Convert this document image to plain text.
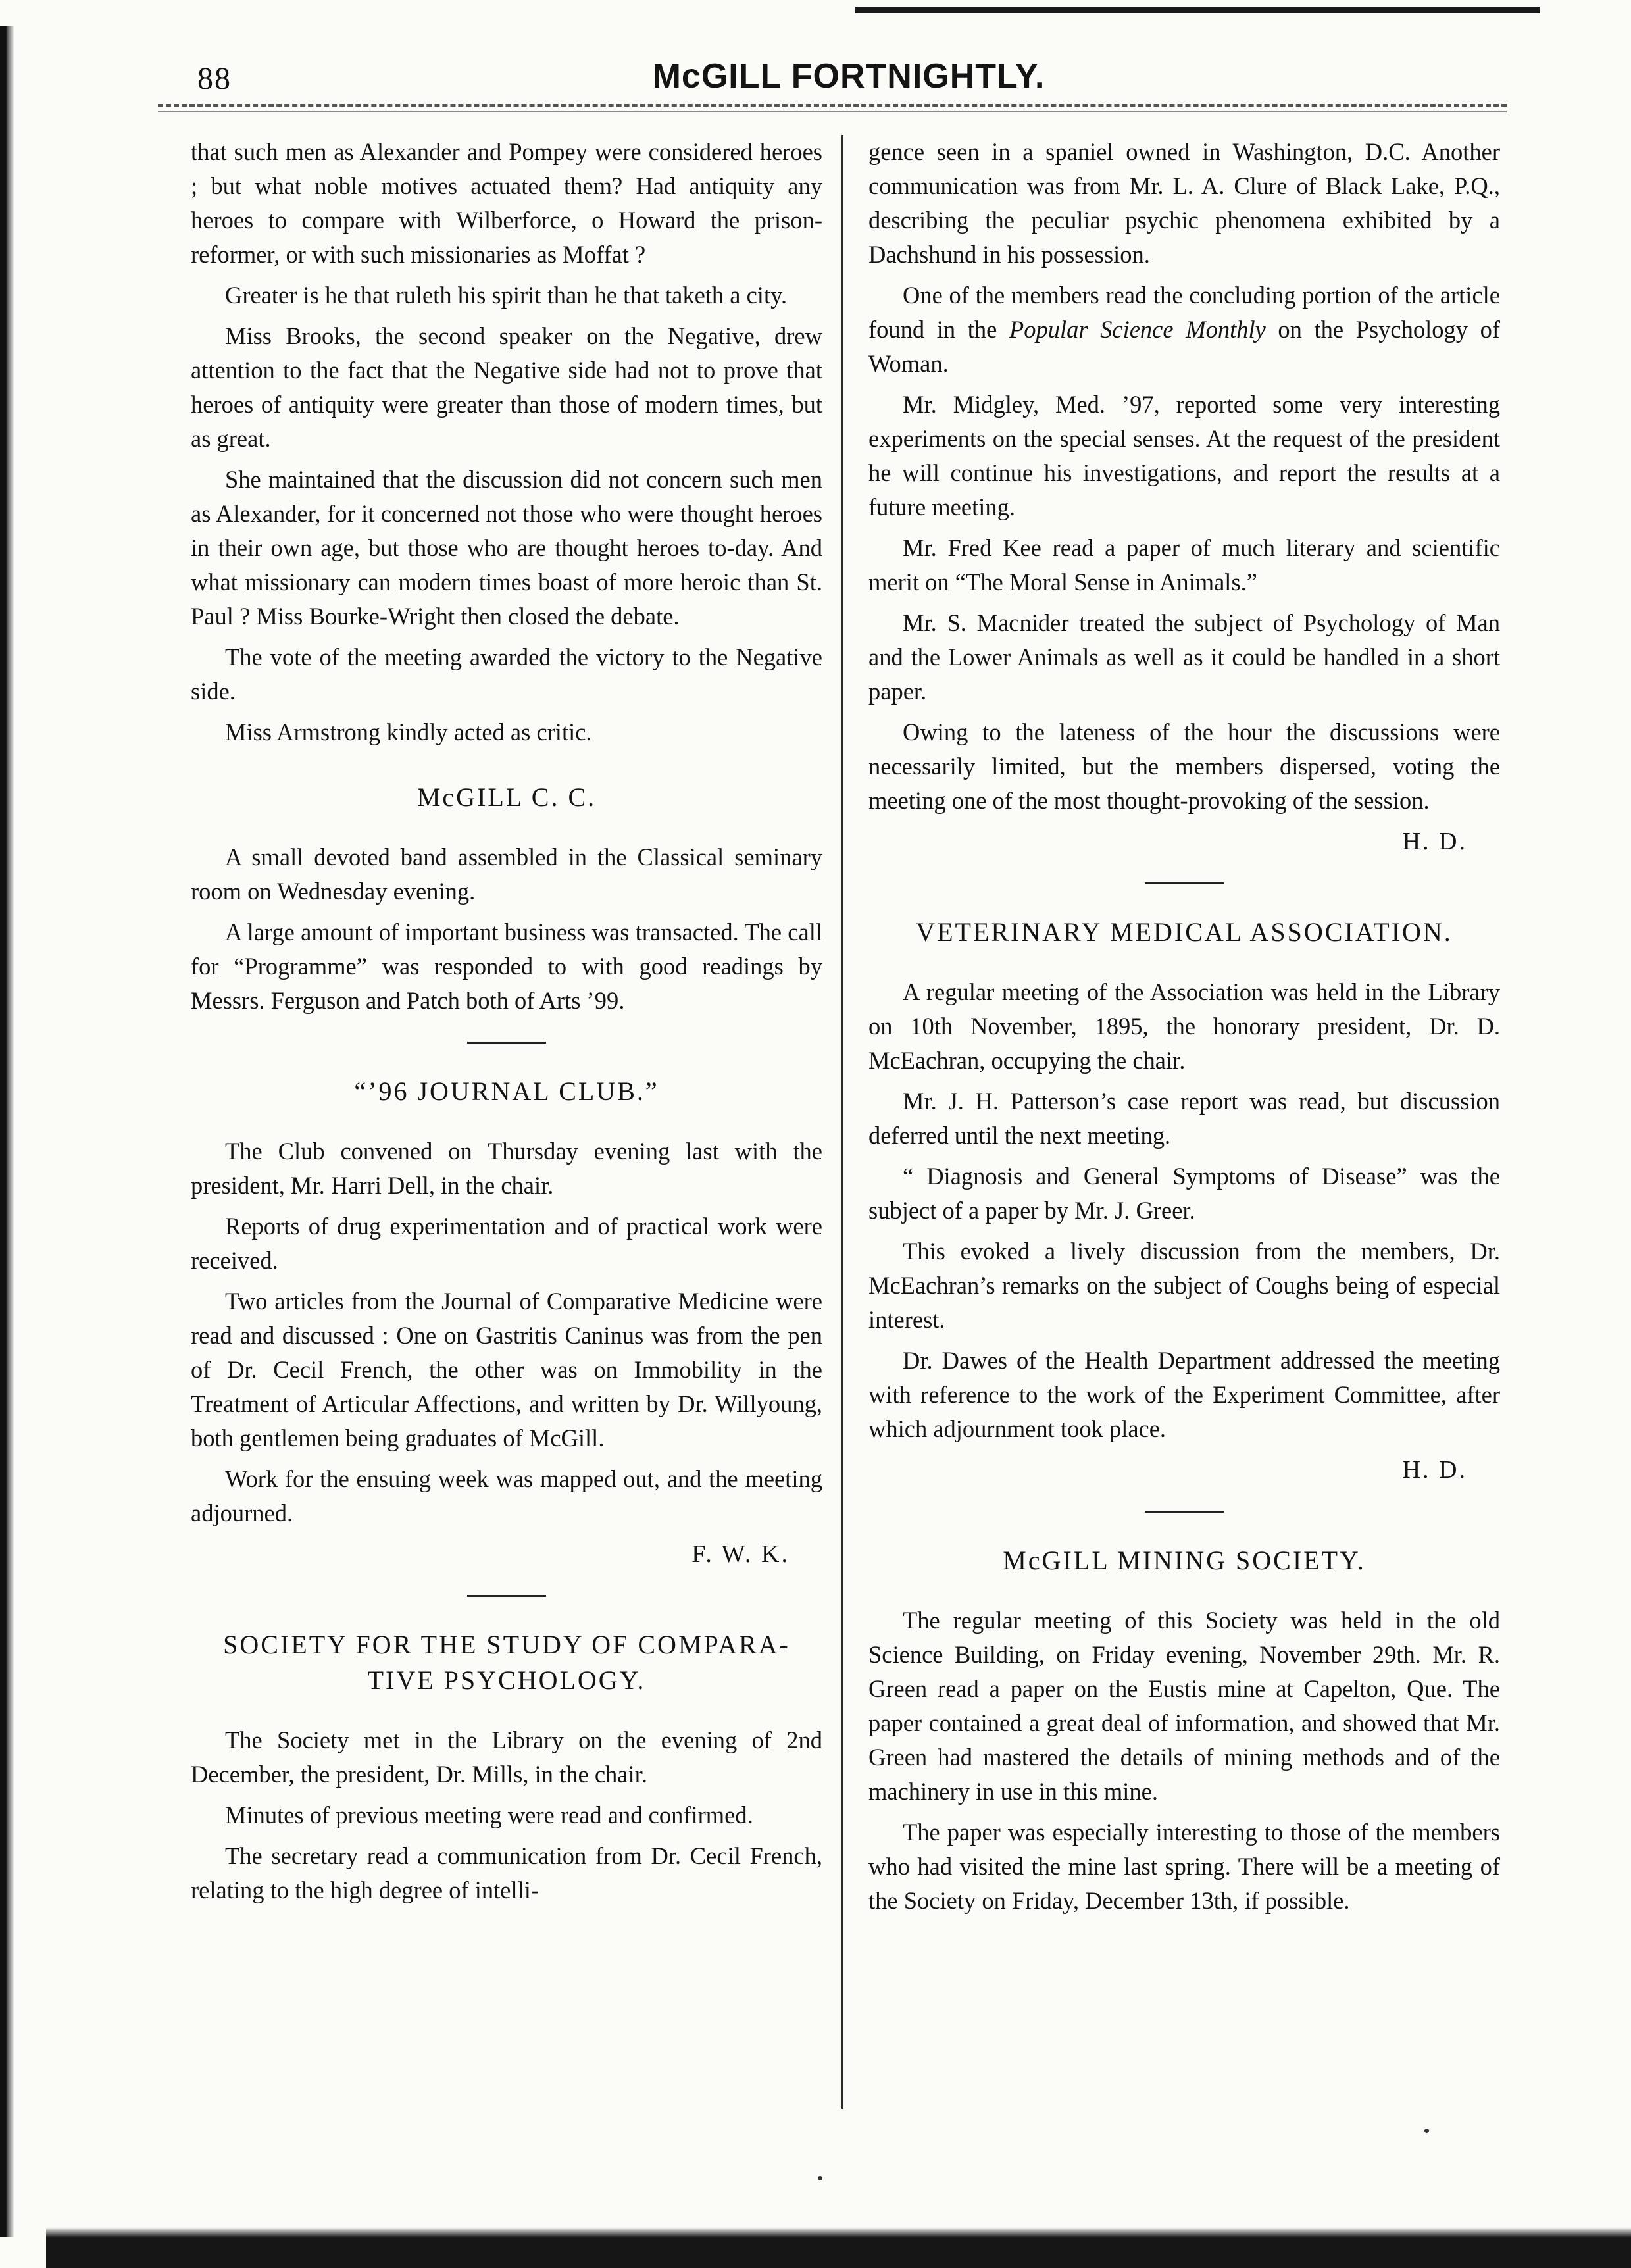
88	McGILL FORTNIGHTLY.

that such men as Alexander and Pompey were considered heroes ; but what noble motives actuated them? Had antiquity any heroes to compare with Wilberforce, o Howard the prison-reformer, or with such missionaries as Moffat ?

Greater is he that ruleth his spirit than he that taketh a city.

Miss Brooks, the second speaker on the Negative, drew attention to the fact that the Negative side had not to prove that heroes of antiquity were greater than those of modern times, but as great.

She maintained that the discussion did not concern such men as Alexander, for it concerned not those who were thought heroes in their own age, but those who are thought heroes to-day. And what missionary can modern times boast of more heroic than St. Paul ? Miss Bourke-Wright then closed the debate.

The vote of the meeting awarded the victory to the Negative side.

Miss Armstrong kindly acted as critic.

McGILL C. C.

A small devoted band assembled in the Classical seminary room on Wednesday evening.

A large amount of important business was transacted. The call for “Programme” was responded to with good readings by Messrs. Ferguson and Patch both of Arts ’99.

“’96 JOURNAL CLUB.”

The Club convened on Thursday evening last with the president, Mr. Harri Dell, in the chair.

Reports of drug experimentation and of practical work were received.

Two articles from the Journal of Comparative Medicine were read and discussed : One on Gastritis Caninus was from the pen of Dr. Cecil French, the other was on Immobility in the Treatment of Articular Affections, and written by Dr. Willyoung, both gentlemen being graduates of McGill.

Work for the ensuing week was mapped out, and the meeting adjourned.

F. W. K.
SOCIETY FOR THE STUDY OF COMPARA-
TIVE PSYCHOLOGY.

The Society met in the Library on the evening of 2nd December, the president, Dr. Mills, in the chair.

Minutes of previous meeting were read and confirmed.

The secretary read a communication from Dr. Cecil French, relating to the high degree of intelli-

gence seen in a spaniel owned in Washington, D.C. Another communication was from Mr. L. A. Clure of Black Lake, P.Q., describing the peculiar psychic phenomena exhibited by a Dachshund in his possession.

One of the members read the concluding portion of the article found in the Popular Science Monthly on the Psychology of Woman.

Mr. Midgley, Med. ’97, reported some very interesting experiments on the special senses. At the request of the president he will continue his investigations, and report the results at a future meeting.

Mr. Fred Kee read a paper of much literary and scientific merit on “The Moral Sense in Animals.”

Mr. S. Macnider treated the subject of Psychology of Man and the Lower Animals as well as it could be handled in a short paper.

Owing to the lateness of the hour the discussions were necessarily limited, but the members dispersed, voting the meeting one of the most thought-provoking of the session.

H. D.
VETERINARY MEDICAL ASSOCIATION.

A regular meeting of the Association was held in the Library on 10th November, 1895, the honorary president, Dr. D. McEachran, occupying the chair.

Mr. J. H. Patterson’s case report was read, but discussion deferred until the next meeting.

“ Diagnosis and General Symptoms of Disease” was the subject of a paper by Mr. J. Greer.

This evoked a lively discussion from the members, Dr. McEachran’s remarks on the subject of Coughs being of especial interest.

Dr. Dawes of the Health Department addressed the meeting with reference to the work of the Experiment Committee, after which adjournment took place.

H. D.
McGILL MINING SOCIETY.

The regular meeting of this Society was held in the old Science Building, on Friday evening, November 29th. Mr. R. Green read a paper on the Eustis mine at Capelton, Que. The paper contained a great deal of information, and showed that Mr. Green had mastered the details of mining methods and of the machinery in use in this mine.

The paper was especially interesting to those of the members who had visited the mine last spring. There will be a meeting of the Society on Friday, December 13th, if possible.
